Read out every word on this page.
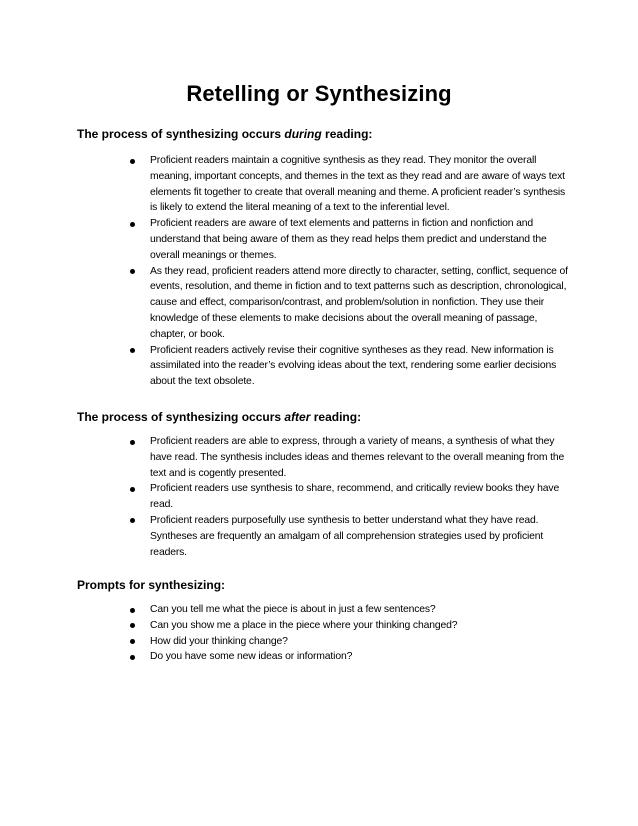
Retelling or Synthesizing
The process of synthesizing occurs during reading:
Proficient readers maintain a cognitive synthesis as they read. They monitor the overall meaning, important concepts, and themes in the text as they read and are aware of ways text elements fit together to create that overall meaning and theme. A proficient reader’s synthesis is likely to extend the literal meaning of a text to the inferential level.
Proficient readers are aware of text elements and patterns in fiction and nonfiction and understand that being aware of them as they read helps them predict and understand the overall meanings or themes.
As they read, proficient readers attend more directly to character, setting, conflict, sequence of events, resolution, and theme in fiction and to text patterns such as description, chronological, cause and effect, comparison/contrast, and problem/solution in nonfiction. They use their knowledge of these elements to make decisions about the overall meaning of passage, chapter, or book.
Proficient readers actively revise their cognitive syntheses as they read. New information is assimilated into the reader’s evolving ideas about the text, rendering some earlier decisions about the text obsolete.
The process of synthesizing occurs after reading:
Proficient readers are able to express, through a variety of means, a synthesis of what they have read. The synthesis includes ideas and themes relevant to the overall meaning from the text and is cogently presented.
Proficient readers use synthesis to share, recommend, and critically review books they have read.
Proficient readers purposefully use synthesis to better understand what they have read. Syntheses are frequently an amalgam of all comprehension strategies used by proficient readers.
Prompts for synthesizing:
Can you tell me what the piece is about in just a few sentences?
Can you show me a place in the piece where your thinking changed?
How did your thinking change?
Do you have some new ideas or information?
